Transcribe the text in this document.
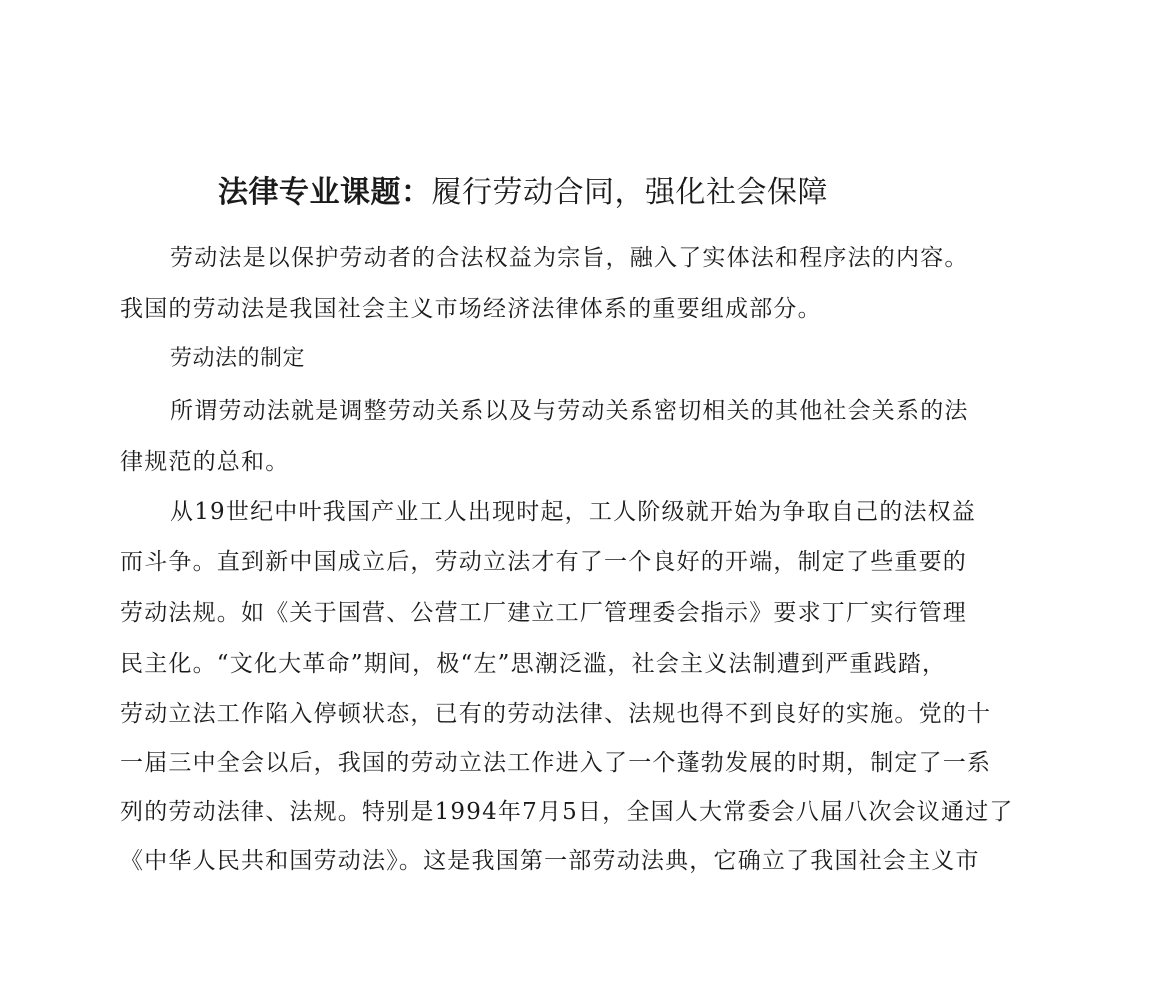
法律专业课题：履行劳动合同，强化社会保障
劳动法是以保护劳动者的合法权益为宗旨，融入了实体法和程序法的内容。
我国的劳动法是我国社会主义市场经济法律体系的重要组成部分。
劳动法的制定
所谓劳动法就是调整劳动关系以及与劳动关系密切相关的其他社会关系的法
律规范的总和。
从19世纪中叶我国产业工人出现时起，工人阶级就开始为争取自己的法权益
而斗争。直到新中国成立后，劳动立法才有了一个良好的开端，制定了些重要的
劳动法规。如《关于国营、公营工厂建立工厂管理委会指示》要求丁厂实行管理
民主化。“文化大革命”期间，极“左”思潮泛滥，社会主义法制遭到严重践踏，
劳动立法工作陷入停顿状态，已有的劳动法律、法规也得不到良好的实施。党的十
一届三中全会以后，我国的劳动立法工作进入了一个蓬勃发展的时期，制定了一系
列的劳动法律、法规。特别是1994年7月5日，全国人大常委会八届八次会议通过了
《中华人民共和国劳动法》。这是我国第一部劳动法典，它确立了我国社会主义市
